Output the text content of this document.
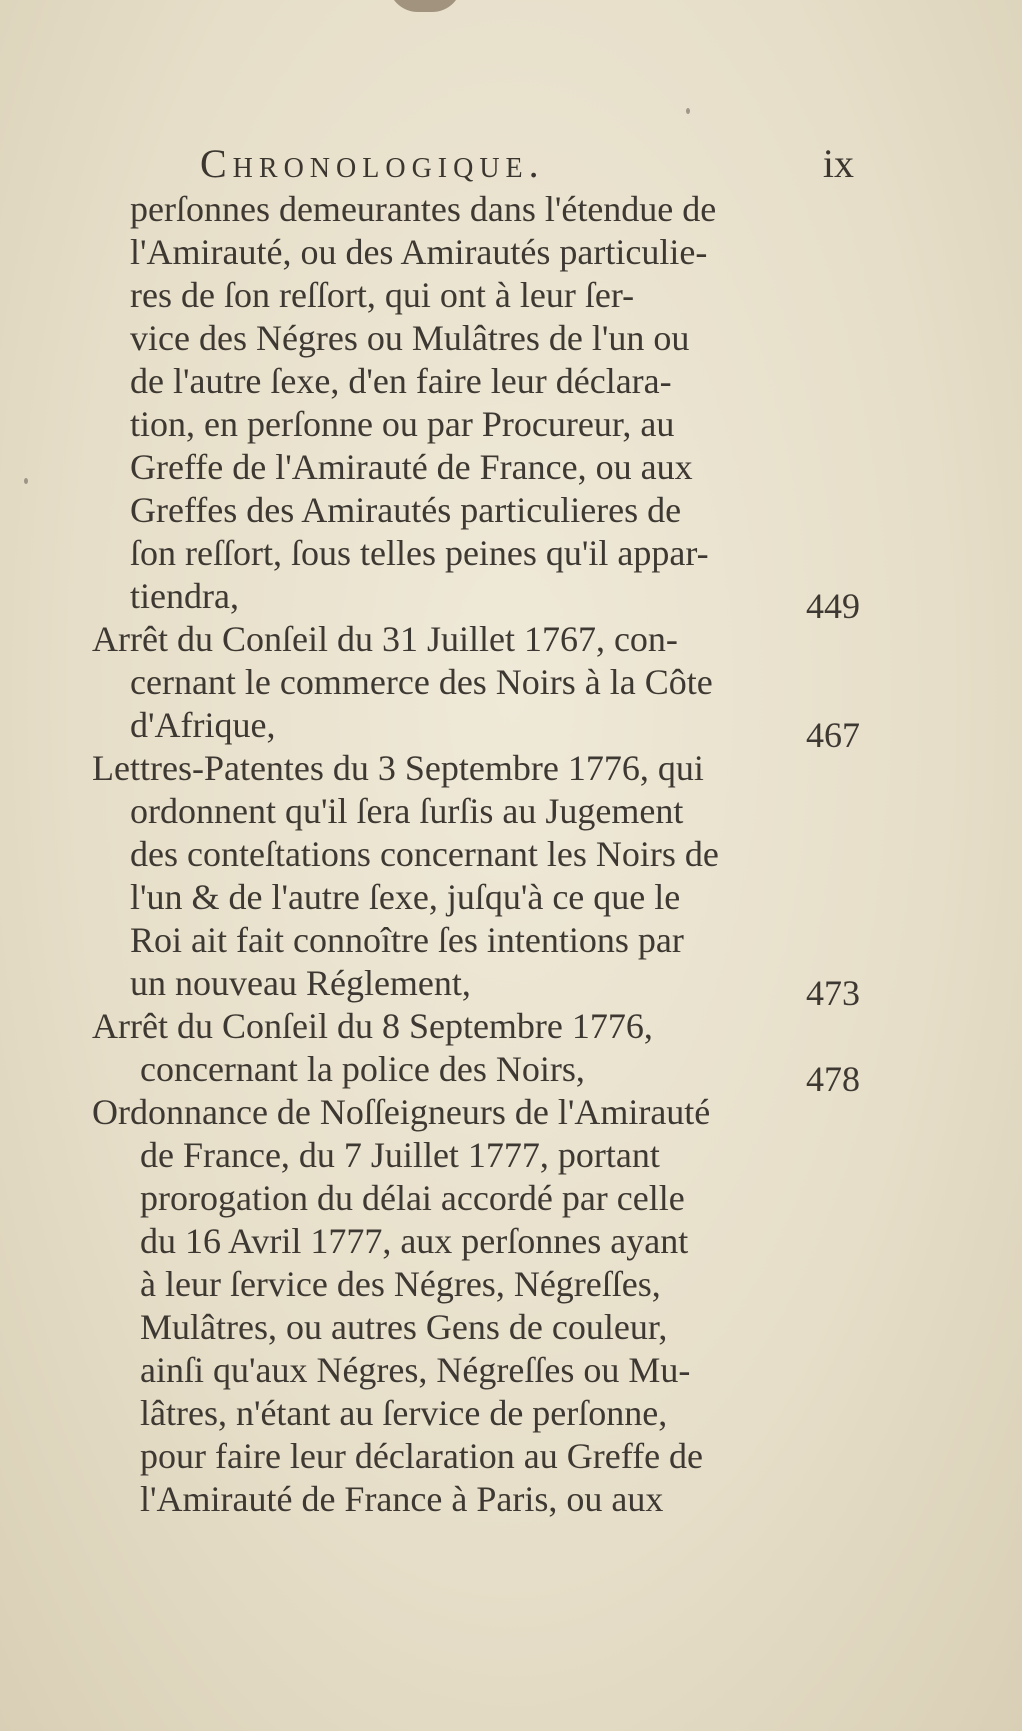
Chronologique.	ix
perſonnes demeurantes dans l'étendue de
l'Amirauté, ou des Amirautés particulie-
res de ſon reſſort, qui ont à leur ſer-
vice des Négres ou Mulâtres de l'un ou
de l'autre ſexe, d'en faire leur déclara-
tion, en perſonne ou par Procureur, au
Greffe de l'Amirauté de France, ou aux
Greffes des Amirautés particulieres de
ſon reſſort, ſous telles peines qu'il appar-
tiendra,	449
Arrêt du Conſeil du 31 Juillet 1767, con-
cernant le commerce des Noirs à la Côte
d'Afrique,	467
Lettres-Patentes du 3 Septembre 1776, qui
ordonnent qu'il ſera ſurſis au Jugement
des conteſtations concernant les Noirs de
l'un & de l'autre ſexe, juſqu'à ce que le
Roi ait fait connoître ſes intentions par
un nouveau Réglement,	473
Arrêt du Conſeil du 8 Septembre 1776,
concernant la police des Noirs,	478
Ordonnance de Noſſeigneurs de l'Amirauté
de France, du 7 Juillet 1777, portant
prorogation du délai accordé par celle
du 16 Avril 1777, aux perſonnes ayant
à leur ſervice des Négres, Négreſſes,
Mulâtres, ou autres Gens de couleur,
ainſi qu'aux Négres, Négreſſes ou Mu-
lâtres, n'étant au ſervice de perſonne,
pour faire leur déclaration au Greffe de
l'Amirauté de France à Paris, ou aux
